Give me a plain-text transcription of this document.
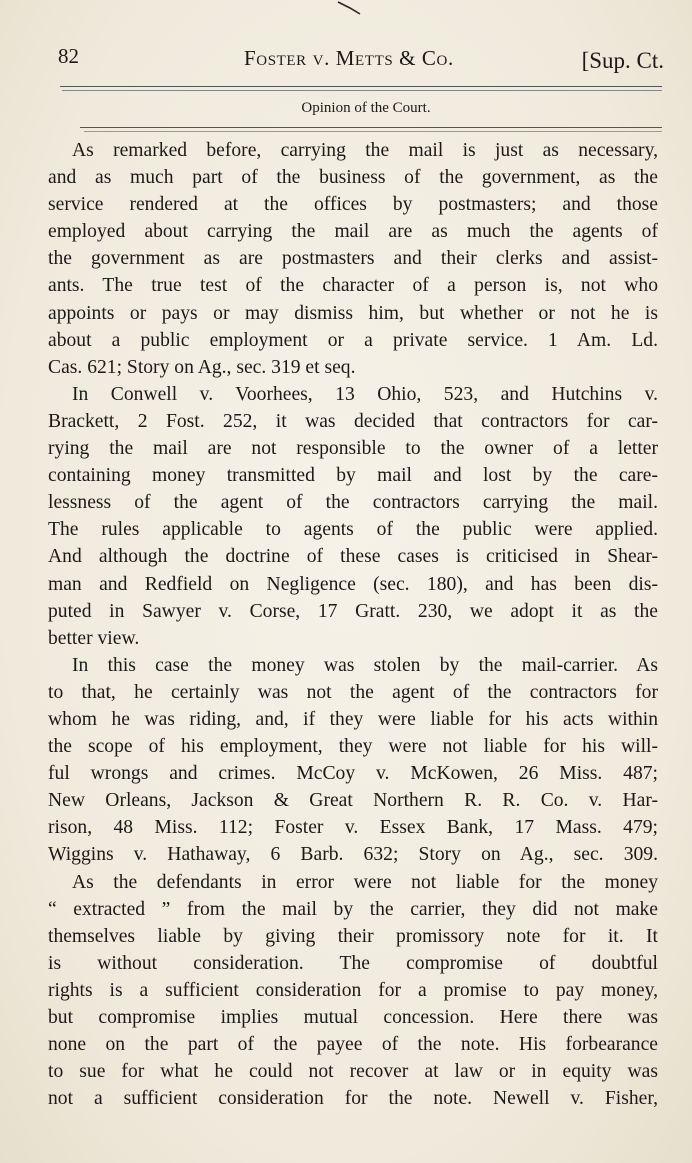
82	Foster v. Metts & Co.	[Sup. Ct.
Opinion of the Court.
As remarked before, carrying the mail is just as necessary,
and as much part of the business of the government, as the
service rendered at the offices by postmasters; and those
employed about carrying the mail are as much the agents of
the government as are postmasters and their clerks and assist-
ants. The true test of the character of a person is, not who
appoints or pays or may dismiss him, but whether or not he is
about a public employment or a private service. 1 Am. Ld.
Cas. 621; Story on Ag., sec. 319 et seq.
In Conwell v. Voorhees, 13 Ohio, 523, and Hutchins v.
Brackett, 2 Fost. 252, it was decided that contractors for car-
rying the mail are not responsible to the owner of a letter
containing money transmitted by mail and lost by the care-
lessness of the agent of the contractors carrying the mail.
The rules applicable to agents of the public were applied.
And although the doctrine of these cases is criticised in Shear-
man and Redfield on Negligence (sec. 180), and has been dis-
puted in Sawyer v. Corse, 17 Gratt. 230, we adopt it as the
better view.
In this case the money was stolen by the mail-carrier. As
to that, he certainly was not the agent of the contractors for
whom he was riding, and, if they were liable for his acts within
the scope of his employment, they were not liable for his will-
ful wrongs and crimes. McCoy v. McKowen, 26 Miss. 487;
New Orleans, Jackson & Great Northern R. R. Co. v. Har-
rison, 48 Miss. 112; Foster v. Essex Bank, 17 Mass. 479;
Wiggins v. Hathaway, 6 Barb. 632; Story on Ag., sec. 309.
As the defendants in error were not liable for the money
“ extracted ” from the mail by the carrier, they did not make
themselves liable by giving their promissory note for it. It
is without consideration. The compromise of doubtful
rights is a sufficient consideration for a promise to pay money,
but compromise implies mutual concession. Here there was
none on the part of the payee of the note. His forbearance
to sue for what he could not recover at law or in equity was
not a sufficient consideration for the note. Newell v. Fisher,
